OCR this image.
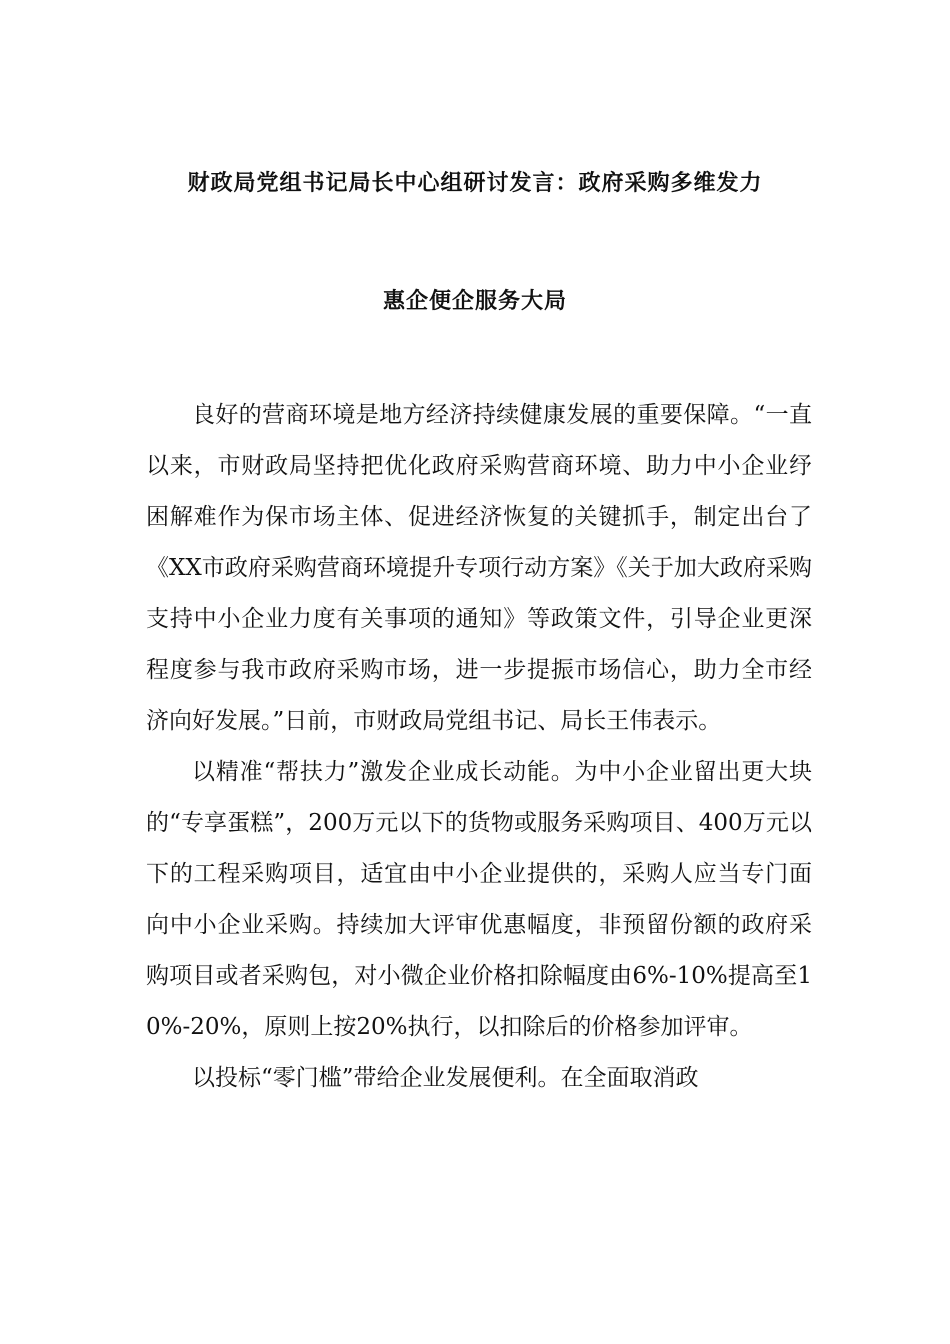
财政局党组书记局长中心组研讨发言：政府采购多维发力
惠企便企服务大局

良好的营商环境是地方经济持续健康发展的重要保障。“一直以来，市财政局坚持把优化政府采购营商环境、助力中小企业纾困解难作为保市场主体、促进经济恢复的关键抓手，制定出台了《XX市政府采购营商环境提升专项行动方案》《关于加大政府采购支持中小企业力度有关事项的通知》等政策文件，引导企业更深程度参与我市政府采购市场，进一步提振市场信心，助力全市经济向好发展。”日前，市财政局党组书记、局长王伟表示。

以精准“帮扶力”激发企业成长动能。为中小企业留出更大块的“专享蛋糕”，200万元以下的货物或服务采购项目、400万元以下的工程采购项目，适宜由中小企业提供的，采购人应当专门面向中小企业采购。持续加大评审优惠幅度，非预留份额的政府采购项目或者采购包，对小微企业价格扣除幅度由6%-10%提高至10%-20%，原则上按20%执行，以扣除后的价格参加评审。

以投标“零门槛”带给企业发展便利。在全面取消政
